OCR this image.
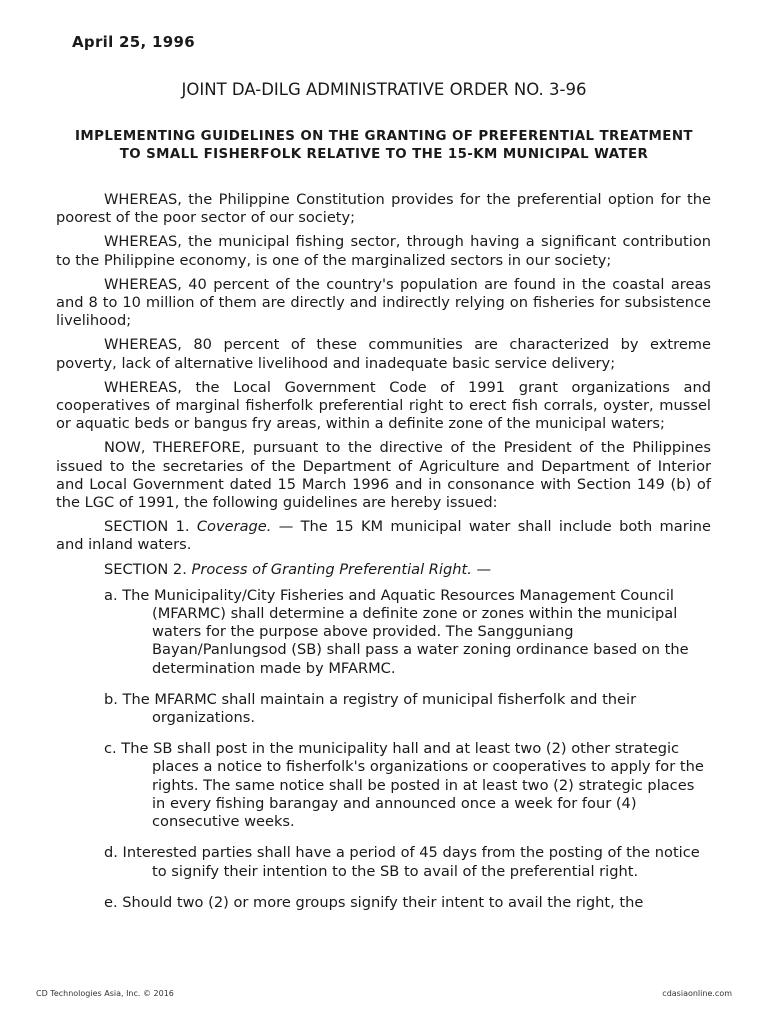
April 25, 1996
JOINT DA-DILG ADMINISTRATIVE ORDER NO. 3-96
IMPLEMENTING GUIDELINES ON THE GRANTING OF PREFERENTIAL TREATMENT
TO SMALL FISHERFOLK RELATIVE TO THE 15-KM MUNICIPAL WATER

WHEREAS, the Philippine Constitution provides for the preferential option for the poorest of the poor sector of our society;

WHEREAS, the municipal fishing sector, through having a significant contribution to the Philippine economy, is one of the marginalized sectors in our society;

WHEREAS, 40 percent of the country's population are found in the coastal areas and 8 to 10 million of them are directly and indirectly relying on fisheries for subsistence livelihood;

WHEREAS, 80 percent of these communities are characterized by extreme poverty, lack of alternative livelihood and inadequate basic service delivery;

WHEREAS, the Local Government Code of 1991 grant organizations and cooperatives of marginal fisherfolk preferential right to erect fish corrals, oyster, mussel or aquatic beds or bangus fry areas, within a definite zone of the municipal waters;

NOW, THEREFORE, pursuant to the directive of the President of the Philippines issued to the secretaries of the Department of Agriculture and Department of Interior and Local Government dated 15 March 1996 and in consonance with Section 149 (b) of the LGC of 1991, the following guidelines are hereby issued:

SECTION 1. Coverage. — The 15 KM municipal water shall include both marine and inland waters.

SECTION 2. Process of Granting Preferential Right. —

a. The Municipality/City Fisheries and Aquatic Resources Management Council (MFARMC) shall determine a definite zone or zones within the municipal waters for the purpose above provided. The Sangguniang Bayan/Panlungsod (SB) shall pass a water zoning ordinance based on the determination made by MFARMC.

b. The MFARMC shall maintain a registry of municipal fisherfolk and their organizations.

c. The SB shall post in the municipality hall and at least two (2) other strategic places a notice to fisherfolk's organizations or cooperatives to apply for the rights. The same notice shall be posted in at least two (2) strategic places in every fishing barangay and announced once a week for four (4) consecutive weeks.

d. Interested parties shall have a period of 45 days from the posting of the notice to signify their intention to the SB to avail of the preferential right.

e. Should two (2) or more groups signify their intent to avail the right, the

CD Technologies Asia, Inc. © 2016	cdasiaonline.com
